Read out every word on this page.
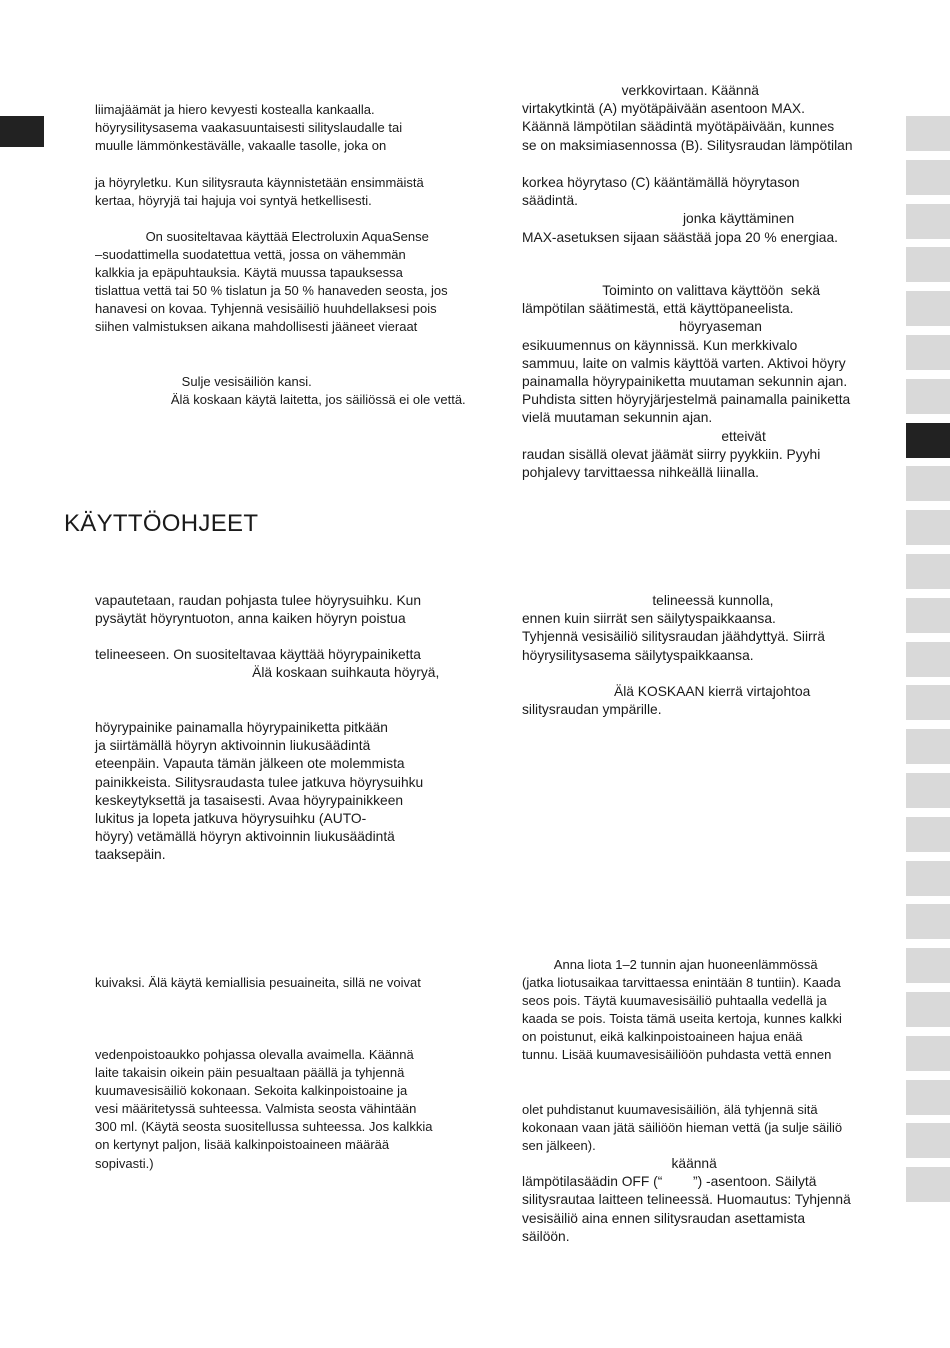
KÄYTTÖOHJEET

liimajäämät ja hiero kevyesti kostealla kankaalla.

höyrysilitysasema vaakasuuntaisesti silityslaudalle tai

muulle lämmönkestävälle, vakaalle tasolle, joka on

ja höyryletku. Kun silitysrauta käynnistetään ensimmäistä

kertaa, höyryjä tai hajuja voi syntyä hetkellisesti.

On suositeltavaa käyttää Electroluxin AquaSense

–suodattimella suodatettua vettä, jossa on vähemmän

kalkkia ja epäpuhtauksia. Käytä muussa tapauksessa

tislattua vettä tai 50 % tislatun ja 50 % hanaveden seosta, jos

hanavesi on kovaa. Tyhjennä vesisäiliö huuhdellaksesi pois

siihen valmistuksen aikana mahdollisesti jääneet vieraat

Sulje vesisäiliön kansi.

Älä koskaan käytä laitetta, jos säiliössä ei ole vettä.

vapautetaan, raudan pohjasta tulee höyrysuihku. Kun

pysäytät höyryntuoton, anna kaiken höyryn poistua

telineeseen. On suositeltavaa käyttää höyrypainiketta

Älä koskaan suihkauta höyryä,

höyrypainike painamalla höyrypainiketta pitkään

ja siirtämällä höyryn aktivoinnin liukusäädintä

eteenpäin. Vapauta tämän jälkeen ote molemmista

painikkeista. Silitysraudasta tulee jatkuva höyrysuihku

keskeytyksettä ja tasaisesti. Avaa höyrypainikkeen

lukitus ja lopeta jatkuva höyrysuihku (AUTO-

höyry) vetämällä höyryn aktivoinnin liukusäädintä

taaksepäin.

kuivaksi. Älä käytä kemiallisia pesuaineita, sillä ne voivat

vedenpoistoaukko pohjassa olevalla avaimella. Käännä

laite takaisin oikein päin pesualtaan päällä ja tyhjennä

kuumavesisäiliö kokonaan. Sekoita kalkinpoistoaine ja

vesi määritetyssä suhteessa. Valmista seosta vähintään

300 ml. (Käytä seosta suositellussa suhteessa. Jos kalkkia

on kertynyt paljon, lisää kalkinpoistoaineen määrää

sopivasti.)

verkkovirtaan. Käännä

virtakytkintä (A) myötäpäivään asentoon MAX.

Käännä lämpötilan säädintä myötäpäivään, kunnes

se on maksimiasennossa (B). Silitysraudan lämpötilan

korkea höyrytaso (C) kääntämällä höyrytason

säädintä.

jonka käyttäminen

MAX-asetuksen sijaan säästää jopa 20 % energiaa.

Toiminto on valittava käyttöön  sekä

lämpötilan säätimestä, että käyttöpaneelista.

höyryaseman

esikuumennus on käynnissä. Kun merkkivalo

sammuu, laite on valmis käyttöä varten. Aktivoi höyry

painamalla höyrypainiketta muutaman sekunnin ajan.

Puhdista sitten höyryjärjestelmä painamalla painiketta

vielä muutaman sekunnin ajan.

etteivät

raudan sisällä olevat jäämät siirry pyykkiin. Pyyhi

pohjalevy tarvittaessa nihkeällä liinalla.

telineessä kunnolla,

ennen kuin siirrät sen säilytyspaikkaansa.

Tyhjennä vesisäiliö silitysraudan jäähdyttyä. Siirrä

höyrysilitysasema säilytyspaikkaansa.

Älä KOSKAAN kierrä virtajohtoa

silitysraudan ympärille.

Anna liota 1–2 tunnin ajan huoneenlämmössä

(jatka liotusaikaa tarvittaessa enintään 8 tuntiin). Kaada

seos pois. Täytä kuumavesisäiliö puhtaalla vedellä ja

kaada se pois. Toista tämä useita kertoja, kunnes kalkki

on poistunut, eikä kalkinpoistoaineen hajua enää

tunnu. Lisää kuumavesisäiliöön puhdasta vettä ennen

olet puhdistanut kuumavesisäiliön, älä tyhjennä sitä

kokonaan vaan jätä säiliöön hieman vettä (ja sulje säiliö

sen jälkeen).

käännä

lämpötilasäädin OFF (“        ”) -asentoon. Säilytä

silitysrautaa laitteen telineessä. Huomautus: Tyhjennä

vesisäiliö aina ennen silitysraudan asettamista

säilöön.
